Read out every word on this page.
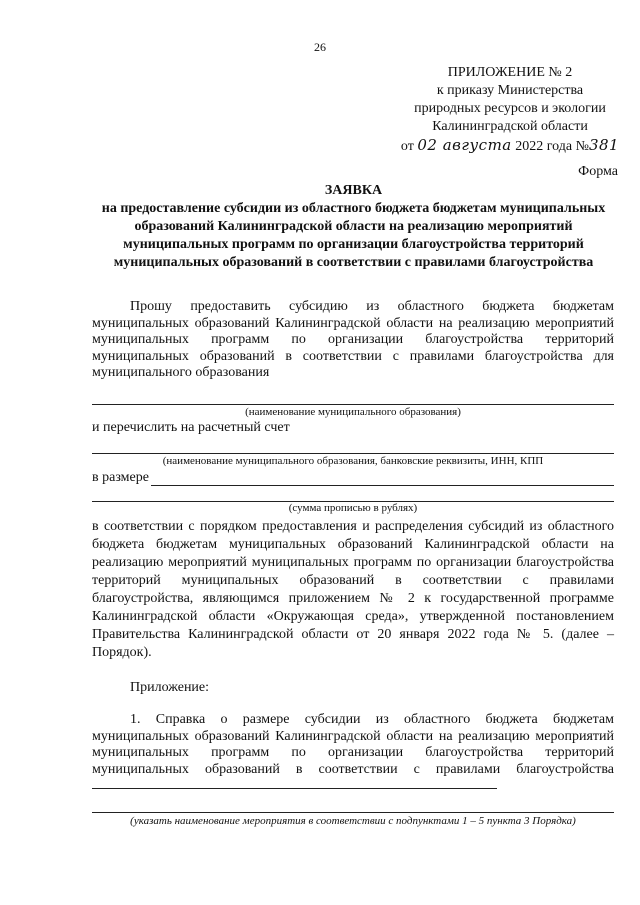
26
ПРИЛОЖЕНИЕ № 2
к приказу Министерства
природных ресурсов и экологии
Калининградской области
от 02 августа 2022 года №381
Форма
ЗАЯВКА
на предоставление субсидии из областного бюджета бюджетам муниципальных образований Калининградской области на реализацию мероприятий муниципальных программ по организации благоустройства территорий муниципальных образований в соответствии с правилами благоустройства
Прошу предоставить субсидию из областного бюджета бюджетам муниципальных образований Калининградской области на реализацию мероприятий муниципальных программ по организации благоустройства территорий муниципальных образований в соответствии с правилами благоустройства для муниципального образования
(наименование муниципального образования)
и перечислить на расчетный счет
(наименование муниципального образования, банковские реквизиты, ИНН, КПП
в размере
(сумма прописью в рублях)
в соответствии с порядком предоставления и распределения субсидий из областного бюджета бюджетам муниципальных образований Калининградской области на реализацию мероприятий муниципальных программ по организации благоустройства территорий муниципальных образований в соответствии с правилами благоустройства, являющимся приложением № 2 к государственной программе Калининградской области «Окружающая среда», утвержденной постановлением Правительства Калининградской области от 20 января 2022 года № 5. (далее – Порядок).
Приложение:
1. Справка о размере субсидии из областного бюджета бюджетам муниципальных образований Калининградской области на реализацию мероприятий муниципальных программ по организации благоустройства территорий муниципальных образований в соответствии с правилами благоустройства
(указать наименование мероприятия в соответствии с подпунктами 1 – 5 пункта 3 Порядка)
